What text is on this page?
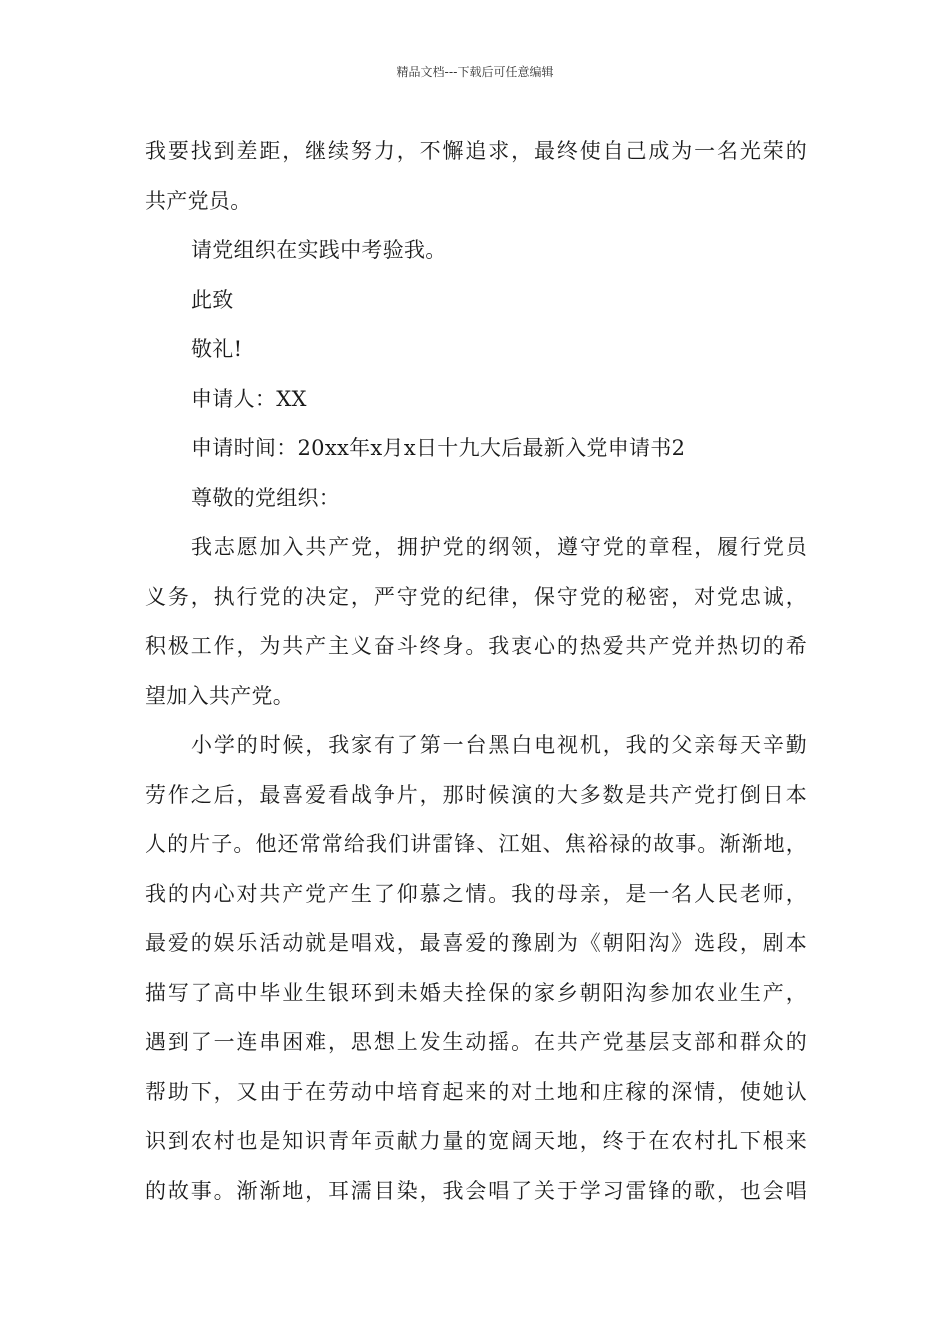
精品文档---下载后可任意编辑
我要找到差距，继续努力，不懈追求，最终使自己成为一名光荣的
共产党员。
请党组织在实践中考验我。
此致
敬礼!
申请人：XX
申请时间：20xx年x月x日十九大后最新入党申请书2
尊敬的党组织：
我志愿加入共产党，拥护党的纲领，遵守党的章程，履行党员
义务，执行党的决定，严守党的纪律，保守党的秘密，对党忠诚，
积极工作，为共产主义奋斗终身。我衷心的热爱共产党并热切的希
望加入共产党。
小学的时候，我家有了第一台黑白电视机，我的父亲每天辛勤
劳作之后，最喜爱看战争片，那时候演的大多数是共产党打倒日本
人的片子。他还常常给我们讲雷锋、江姐、焦裕禄的故事。渐渐地，
我的内心对共产党产生了仰慕之情。我的母亲，是一名人民老师，
最爱的娱乐活动就是唱戏，最喜爱的豫剧为《朝阳沟》选段，剧本
描写了高中毕业生银环到未婚夫拴保的家乡朝阳沟参加农业生产，
遇到了一连串困难，思想上发生动摇。在共产党基层支部和群众的
帮助下，又由于在劳动中培育起来的对土地和庄稼的深情，使她认
识到农村也是知识青年贡献力量的宽阔天地，终于在农村扎下根来
的故事。渐渐地，耳濡目染，我会唱了关于学习雷锋的歌，也会唱
